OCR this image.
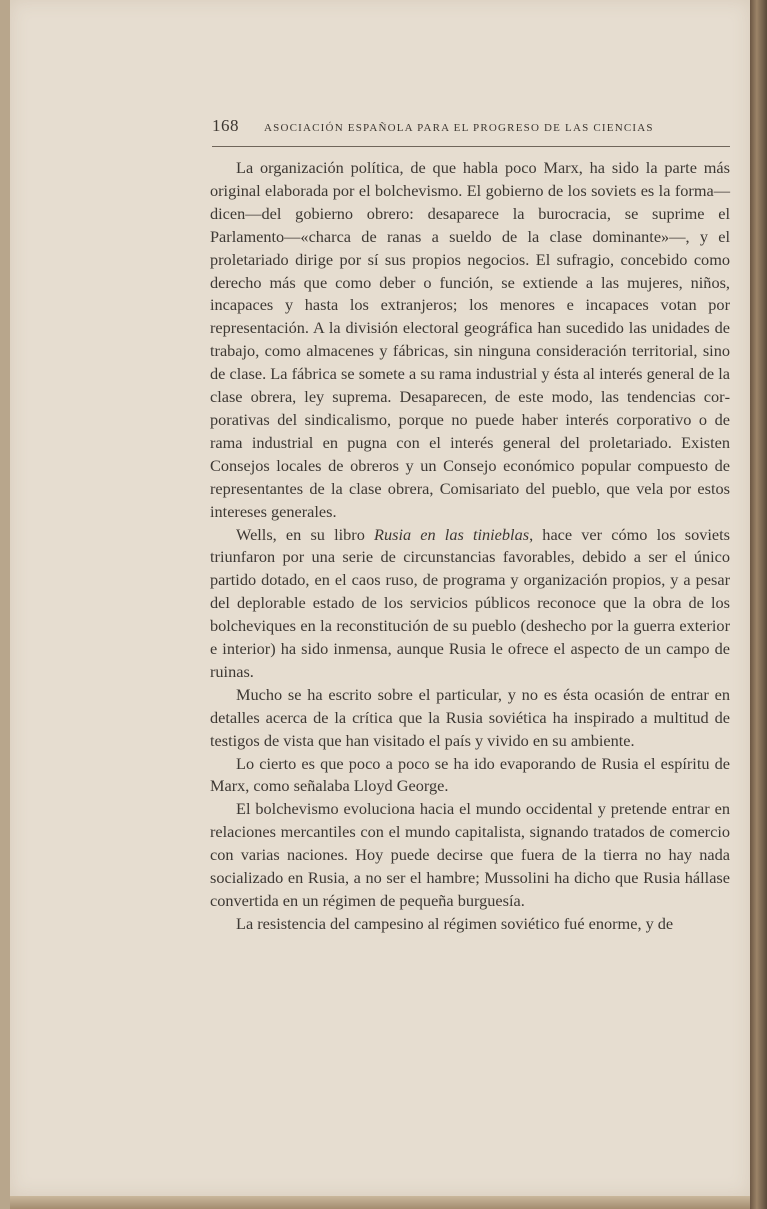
168 ASOCIACIÓN ESPAÑOLA PARA EL PROGRESO DE LAS CIENCIAS

La organización política, de que habla poco Marx, ha sido la parte más original elaborada por el bolchevismo. El gobierno de los soviets es la forma—dicen—del gobierno obrero: desaparece la burocracia, se suprime el Parlamento—«charca de ranas a sueldo de la clase dominante»—, y el proletariado dirige por sí sus propios negocios. El sufragio, concebido como derecho más que como deber o función, se extiende a las mujeres, niños, incapaces y hasta los extranjeros; los menores e incapaces votan por representación. A la división electoral geográfica han sucedido las unidades de trabajo, como almacenes y fábricas, sin ninguna consideración territorial, sino de clase. La fábrica se somete a su rama industrial y ésta al interés general de la clase obrera, ley suprema. Desaparecen, de este modo, las tendencias corporativas del sindicalismo, porque no puede haber interés corporativo o de rama industrial en pugna con el interés general del proletariado. Existen Consejos locales de obreros y un Consejo económico popular compuesto de representantes de la clase obrera, Comisariato del pueblo, que vela por estos intereses generales.

Wells, en su libro Rusia en las tinieblas, hace ver cómo los soviets triunfaron por una serie de circunstancias favorables, debido a ser el único partido dotado, en el caos ruso, de programa y organización propios, y a pesar del deplorable estado de los servicios públicos reconoce que la obra de los bolcheviques en la reconstitución de su pueblo (deshecho por la guerra exterior e interior) ha sido inmensa, aunque Rusia le ofrece el aspecto de un campo de ruinas.

Mucho se ha escrito sobre el particular, y no es ésta ocasión de entrar en detalles acerca de la crítica que la Rusia soviética ha inspirado a multitud de testigos de vista que han visitado el país y vivido en su ambiente.

Lo cierto es que poco a poco se ha ido evaporando de Rusia el espíritu de Marx, como señalaba Lloyd George.

El bolchevismo evoluciona hacia el mundo occidental y pretende entrar en relaciones mercantiles con el mundo capitalista, signando tratados de comercio con varias naciones. Hoy puede decirse que fuera de la tierra no hay nada socializado en Rusia, a no ser el hambre; Mussolini ha dicho que Rusia hállase convertida en un régimen de pequeña burguesía.

La resistencia del campesino al régimen soviético fué enorme, y de
